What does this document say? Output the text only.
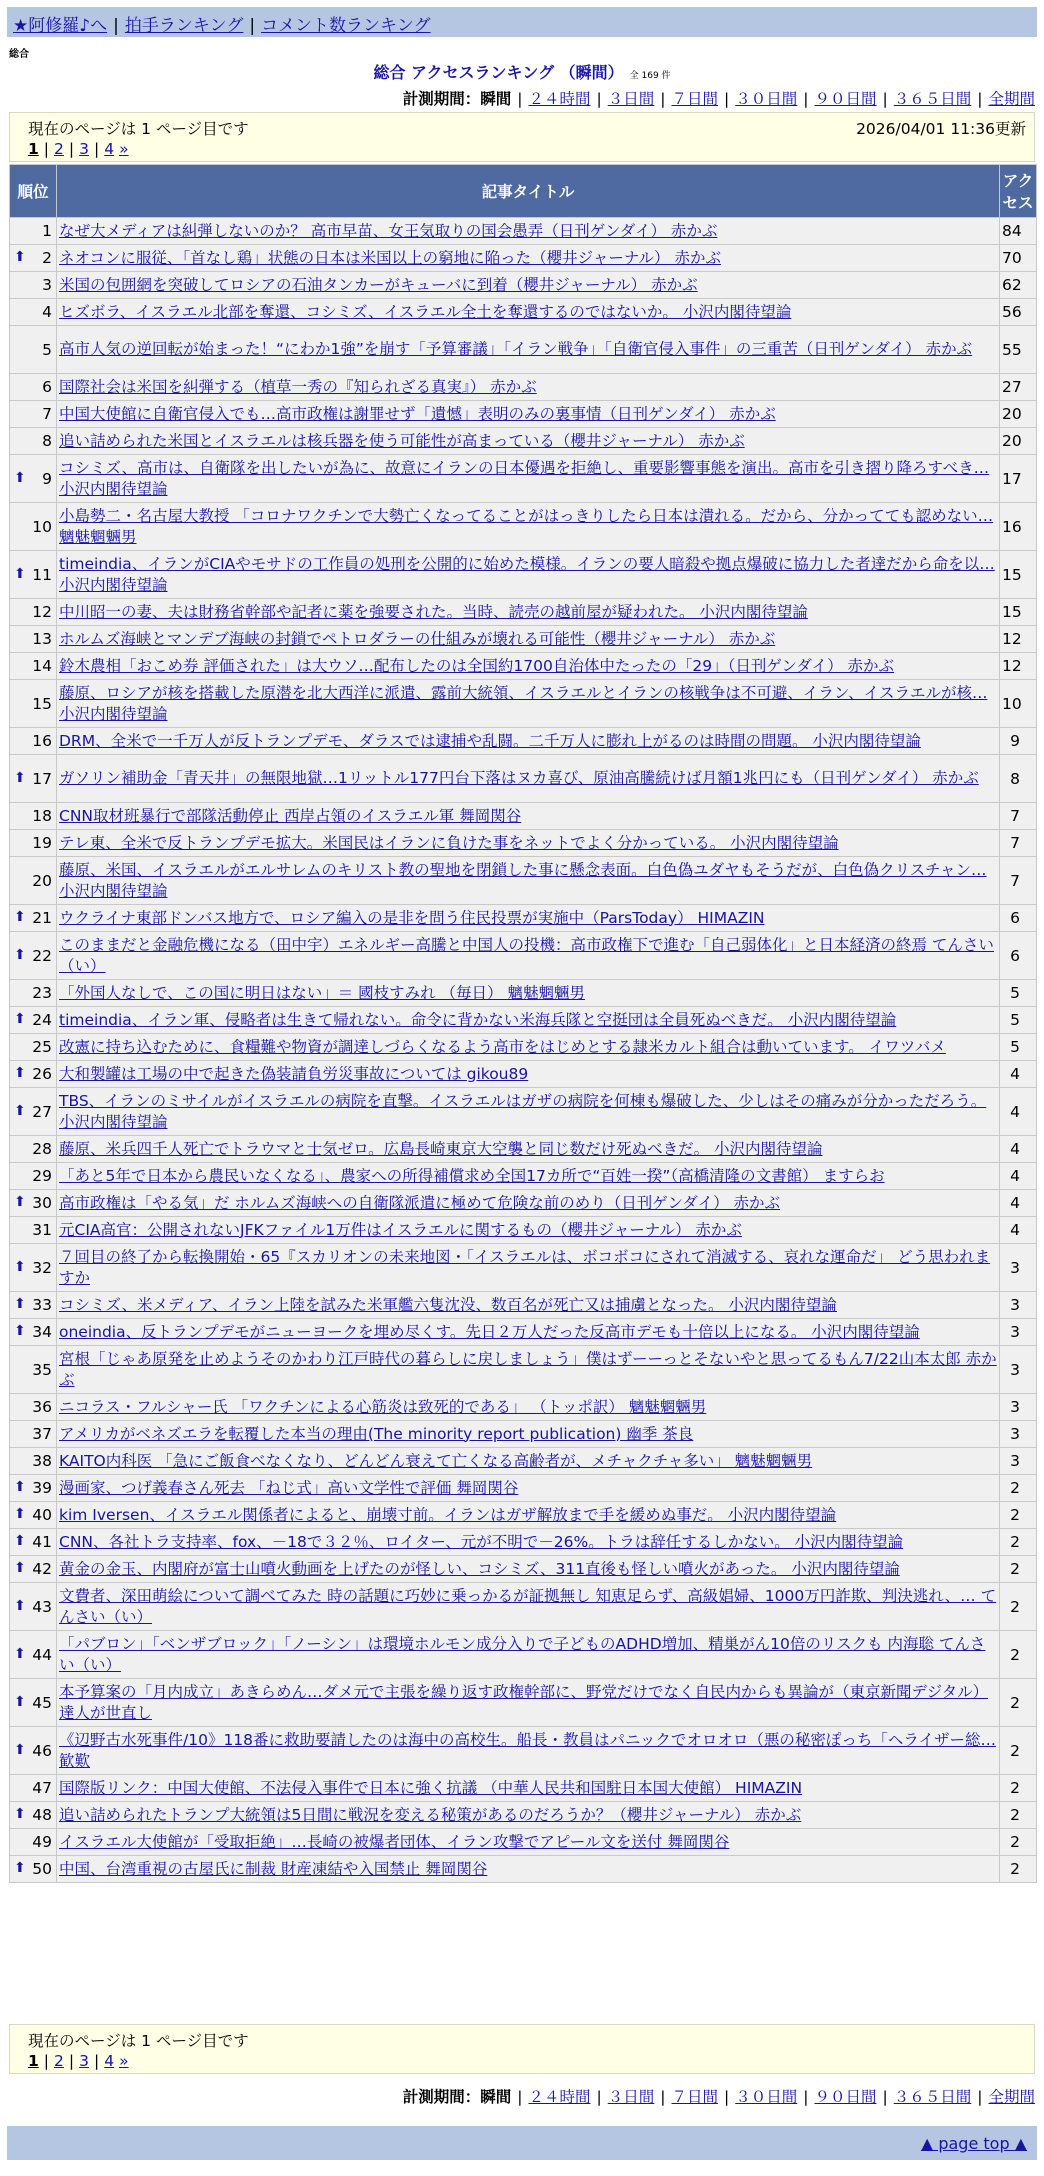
★阿修羅♪へ | 拍手ランキング | コメント数ランキング
総合
総合 アクセスランキング （瞬間） 全 169 件
計測期間：瞬間 | ２４時間 | ３日間 | ７日間 | ３０日間 | ９０日間 | ３６５日間 | 全期間
現在のページは 1 ページ目です	2026/04/01 11:36更新
1 | 2 | 3 | 4 »
順位	記事タイトル	アクセス
1	なぜ大メディアは糾弾しないのか？ 高市早苗、女王気取りの国会愚弄（日刊ゲンダイ） 赤かぶ	84

⬆ 2	ネオコンに服従、「首なし鶏」状態の日本は米国以上の窮地に陥った（櫻井ジャーナル） 赤かぶ	70
3	米国の包囲網を突破してロシアの石油タンカーがキューバに到着（櫻井ジャーナル） 赤かぶ	62
4	ヒズボラ、イスラエル北部を奪還、コシミズ、イスラエル全土を奪還するのではないか。 小沢内閣待望論	56
5	高市人気の逆回転が始まった！“にわか1強”を崩す「予算審議」「イラン戦争」「自衛官侵入事件」の三重苦（日刊ゲンダイ） 赤かぶ	55
6	国際社会は米国を糾弾する（植草一秀の『知られざる真実』） 赤かぶ	27
7	中国大使館に自衛官侵入でも…高市政権は謝罪せず「遺憾」表明のみの裏事情（日刊ゲンダイ） 赤かぶ	20
8	追い詰められた米国とイスラエルは核兵器を使う可能性が高まっている（櫻井ジャーナル） 赤かぶ	20

⬆ 9	コシミズ、高市は、自衛隊を出したいが為に、故意にイランの日本優遇を拒絶し、重要影響事態を演出。高市を引き摺り降ろすべき… 小沢内閣待望論	17
10	小島勢二・名古屋大教授 「コロナワクチンで大勢亡くなってることがはっきりしたら日本は潰れる。だから、分かってても認めない… 魑魅魍魎男	16

⬆ 11	timeindia、イランがCIAやモサドの工作員の処刑を公開的に始めた模様。イランの要人暗殺や拠点爆破に協力した者達だから命を以… 小沢内閣待望論	15
12	中川昭一の妻、夫は財務省幹部や記者に薬を強要された。当時、読売の越前屋が疑われた。 小沢内閣待望論	15
13	ホルムズ海峡とマンデブ海峡の封鎖でペトロダラーの仕組みが壊れる可能性（櫻井ジャーナル） 赤かぶ	12
14	鈴木農相「おこめ券 評価された」は大ウソ…配布したのは全国約1700自治体中たったの「29」（日刊ゲンダイ） 赤かぶ	12
15	藤原、ロシアが核を搭載した原潜を北大西洋に派遣、露前大統領、イスラエルとイランの核戦争は不可避、イラン、イスラエルが核… 小沢内閣待望論	10
16	DRM、全米で一千万人が反トランプデモ、ダラスでは逮捕や乱闘。二千万人に膨れ上がるのは時間の問題。 小沢内閣待望論	9

⬆ 17	ガソリン補助金「青天井」の無限地獄…1リットル177円台下落はヌカ喜び、原油高騰続けば月額1兆円にも（日刊ゲンダイ） 赤かぶ	8
18	CNN取材班暴行で部隊活動停止 西岸占領のイスラエル軍 舞岡関谷	7
19	テレ東、全米で反トランプデモ拡大。米国民はイランに負けた事をネットでよく分かっている。 小沢内閣待望論	7
20	藤原、米国、イスラエルがエルサレムのキリスト教の聖地を閉鎖した事に懸念表面。白色偽ユダヤもそうだが、白色偽クリスチャン… 小沢内閣待望論	7

⬆ 21	ウクライナ東部ドンバス地方で、ロシア編入の是非を問う住民投票が実施中（ParsToday） HIMAZIN	6

⬆ 22	このままだと金融危機になる（田中宇）エネルギー高騰と中国人の投機：高市政権下で進む「自己弱体化」と日本経済の終焉 てんさい（い）	6
23	「外国人なしで、この国に明日はない」＝ 國枝すみれ （毎日） 魑魅魍魎男	5

⬆ 24	timeindia、イラン軍、侵略者は生きて帰れない。命令に背かない米海兵隊と空挺団は全員死ぬべきだ。 小沢内閣待望論	5
25	改憲に持ち込むために、食糧難や物資が調達しづらくなるよう高市をはじめとする隷米カルト組合は動いています。 イワツバメ	5

⬆ 26	大和製罐は工場の中で起きた偽装請負労災事故については gikou89	4

⬆ 27	TBS、イランのミサイルがイスラエルの病院を直撃。イスラエルはガザの病院を何棟も爆破した、少しはその痛みが分かっただろう。 小沢内閣待望論	4
28	藤原、米兵四千人死亡でトラウマと士気ゼロ。広島長崎東京大空襲と同じ数だけ死ぬべきだ。 小沢内閣待望論	4
29	「あと5年で日本から農民いなくなる」、農家への所得補償求め全国17カ所で“百姓一揆”（高橋清隆の文書館） ますらお	4

⬆ 30	高市政権は「やる気」だ ホルムズ海峡への自衛隊派遣に極めて危険な前のめり（日刊ゲンダイ） 赤かぶ	4
31	元CIA高官：公開されないJFKファイル1万件はイスラエルに関するもの（櫻井ジャーナル） 赤かぶ	4

⬆ 32	７回目の終了から転換開始・65『スカリオンの未来地図・「イスラエルは、ボコボコにされて消滅する、哀れな運命だ」 どう思われますか	3

⬆ 33	コシミズ、米メディア、イラン上陸を試みた米軍艦六隻沈没、数百名が死亡又は捕虜となった。 小沢内閣待望論	3

⬆ 34	oneindia、反トランプデモがニューヨークを埋め尽くす。先日２万人だった反高市デモも十倍以上になる。 小沢内閣待望論	3
35	宮根「じゃあ原発を止めようそのかわり江戸時代の暮らしに戻しましょう」僕はずーーっとそないやと思ってるもん7/22山本太郎 赤かぶ	3
36	ニコラス・フルシャー氏 「ワクチンによる心筋炎は致死的である」 （トッポ訳） 魑魅魍魎男	3
37	アメリカがベネズエラを転覆した本当の理由(The minority report publication) 幽季 茶良	3
38	KAITO内科医 「急にご飯食べなくなり、どんどん衰えて亡くなる高齢者が、メチャクチャ多い」 魑魅魍魎男	3

⬆ 39	漫画家、つげ義春さん死去 「ねじ式」高い文学性で評価 舞岡関谷	2

⬆ 40	kim Iversen、イスラエル関係者によると、崩壊寸前。イランはガザ解放まで手を緩めぬ事だ。 小沢内閣待望論	2

⬆ 41	CNN、各社トラ支持率、fox、－18で３２％、ロイター、元が不明で－26%。トラは辞任するしかない。 小沢内閣待望論	2

⬆ 42	黄金の金玉、内閣府が富士山噴火動画を上げたのが怪しい、コシミズ、311直後も怪しい噴火があった。 小沢内閣待望論	2

⬆ 43	文費者、深田萌絵について調べてみた 時の話題に巧妙に乗っかるが証拠無し 知恵足らず、高級娼婦、1000万円詐欺、判決逃れ、… てんさい（い）	2

⬆ 44	「パブロン」「ベンザブロック」「ノーシン」は環境ホルモン成分入りで子どものADHD増加、精巣がん10倍のリスクも 内海聡 てんさい（い）	2

⬆ 45	本予算案の「月内成立」あきらめん…ダメ元で主張を繰り返す政権幹部に、野党だけでなく自民内からも異論が（東京新聞デジタル） 達人が世直し	2

⬆ 46	《辺野古水死事件/10》118番に救助要請したのは海中の高校生。船長・教員はパニックでオロオロ（悪の秘密ぽっち「ヘライザー総… 歓歎	2
47	国際版リンク：中国大使館、不法侵入事件で日本に強く抗議 （中華人民共和国駐日本国大使館） HIMAZIN	2

⬆ 48	追い詰められたトランプ大統領は5日間に戦況を変える秘策があるのだろうか？（櫻井ジャーナル） 赤かぶ	2
49	イスラエル大使館が「受取拒絶」…長崎の被爆者団体、イラン攻撃でアピール文を送付 舞岡関谷	2

⬆ 50	中国、台湾重視の古屋氏に制裁 財産凍結や入国禁止 舞岡関谷	2
現在のページは 1 ページ目です
1 | 2 | 3 | 4 »
計測期間：瞬間 | ２４時間 | ３日間 | ７日間 | ３０日間 | ９０日間 | ３６５日間 | 全期間
▲ page top ▲
